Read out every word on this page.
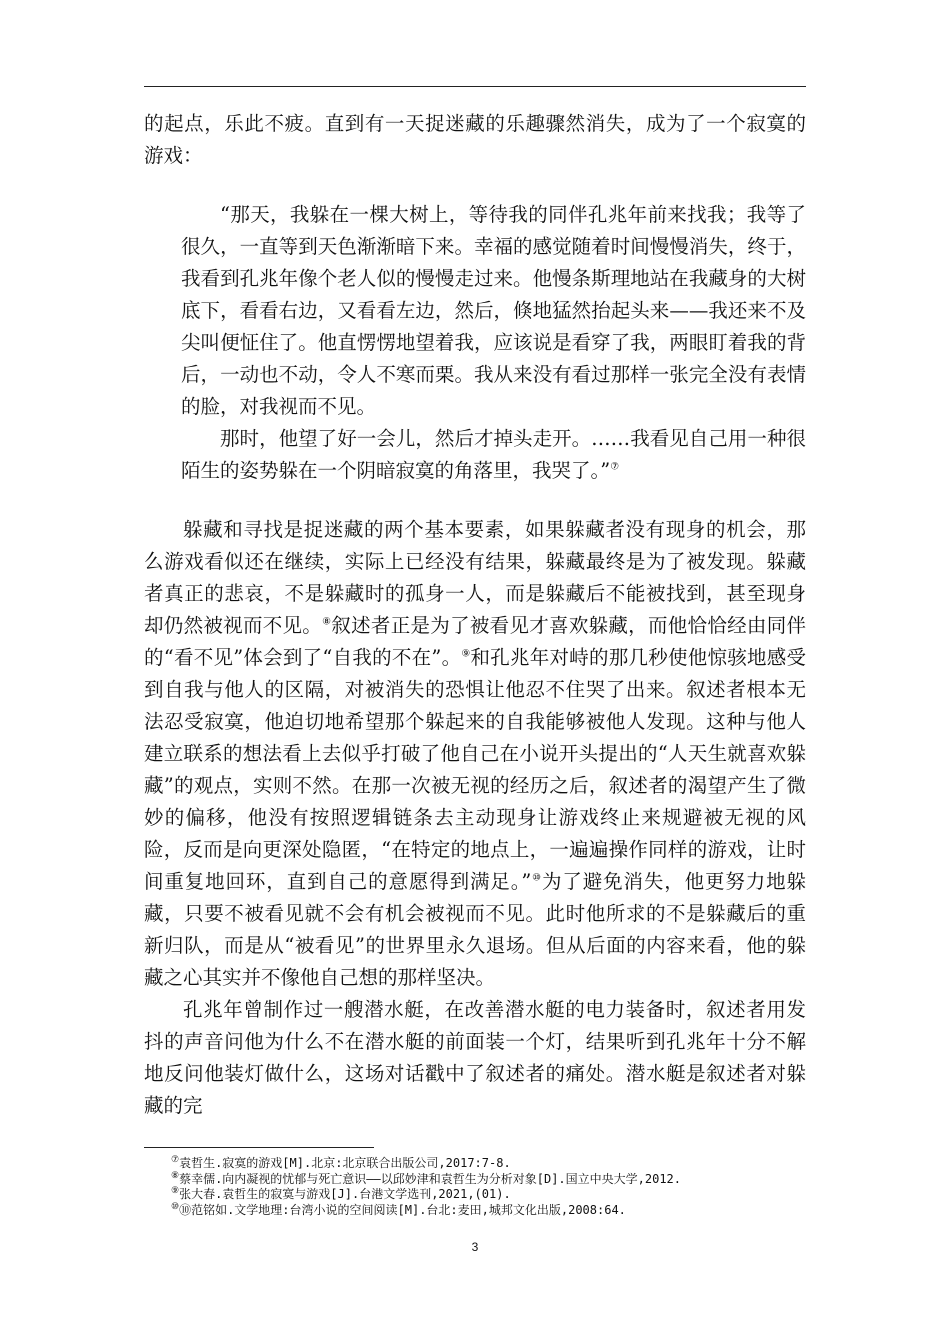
的起点，乐此不疲。直到有一天捉迷藏的乐趣骤然消失，成为了一个寂寞的游戏：

“那天，我躲在一棵大树上，等待我的同伴孔兆年前来找我；我等了很久，一直等到天色渐渐暗下来。幸福的感觉随着时间慢慢消失，终于，我看到孔兆年像个老人似的慢慢走过来。他慢条斯理地站在我藏身的大树底下，看看右边，又看看左边，然后，倏地猛然抬起头来——我还来不及尖叫便怔住了。他直愣愣地望着我，应该说是看穿了我，两眼盯着我的背后，一动也不动，令人不寒而栗。我从来没有看过那样一张完全没有表情的脸，对我视而不见。

那时，他望了好一会儿，然后才掉头走开。……我看见自己用一种很陌生的姿势躲在一个阴暗寂寞的角落里，我哭了。”⑦

躲藏和寻找是捉迷藏的两个基本要素，如果躲藏者没有现身的机会，那么游戏看似还在继续，实际上已经没有结果，躲藏最终是为了被发现。躲藏者真正的悲哀，不是躲藏时的孤身一人，而是躲藏后不能被找到，甚至现身却仍然被视而不见。⑧叙述者正是为了被看见才喜欢躲藏，而他恰恰经由同伴的“看不见”体会到了“自我的不在”。⑨和孔兆年对峙的那几秒使他惊骇地感受到自我与他人的区隔，对被消失的恐惧让他忍不住哭了出来。叙述者根本无法忍受寂寞，他迫切地希望那个躲起来的自我能够被他人发现。这种与他人建立联系的想法看上去似乎打破了他自己在小说开头提出的“人天生就喜欢躲藏”的观点，实则不然。在那一次被无视的经历之后，叙述者的渴望产生了微妙的偏移，他没有按照逻辑链条去主动现身让游戏终止来规避被无视的风险，反而是向更深处隐匿，“在特定的地点上，一遍遍操作同样的游戏，让时间重复地回环，直到自己的意愿得到满足。”⑩为了避免消失，他更努力地躲藏，只要不被看见就不会有机会被视而不见。此时他所求的不是躲藏后的重新归队，而是从“被看见”的世界里永久退场。但从后面的内容来看，他的躲藏之心其实并不像他自己想的那样坚决。

孔兆年曾制作过一艘潜水艇，在改善潜水艇的电力装备时，叙述者用发抖的声音问他为什么不在潜水艇的前面装一个灯，结果听到孔兆年十分不解地反问他装灯做什么，这场对话戳中了叙述者的痛处。潜水艇是叙述者对躲藏的完

⑦袁哲生.寂寞的游戏[M].北京:北京联合出版公司,2017:7-8.
⑧蔡幸儒.向内凝视的忧郁与死亡意识——以邱妙津和袁哲生为分析对象[D].国立中央大学,2012.
⑨张大春.袁哲生的寂寞与游戏[J].台港文学选刊,2021,(01).
⑩⑩范铭如.文学地理:台湾小说的空间阅读[M].台北:麦田,城邦文化出版,2008:64.
3
